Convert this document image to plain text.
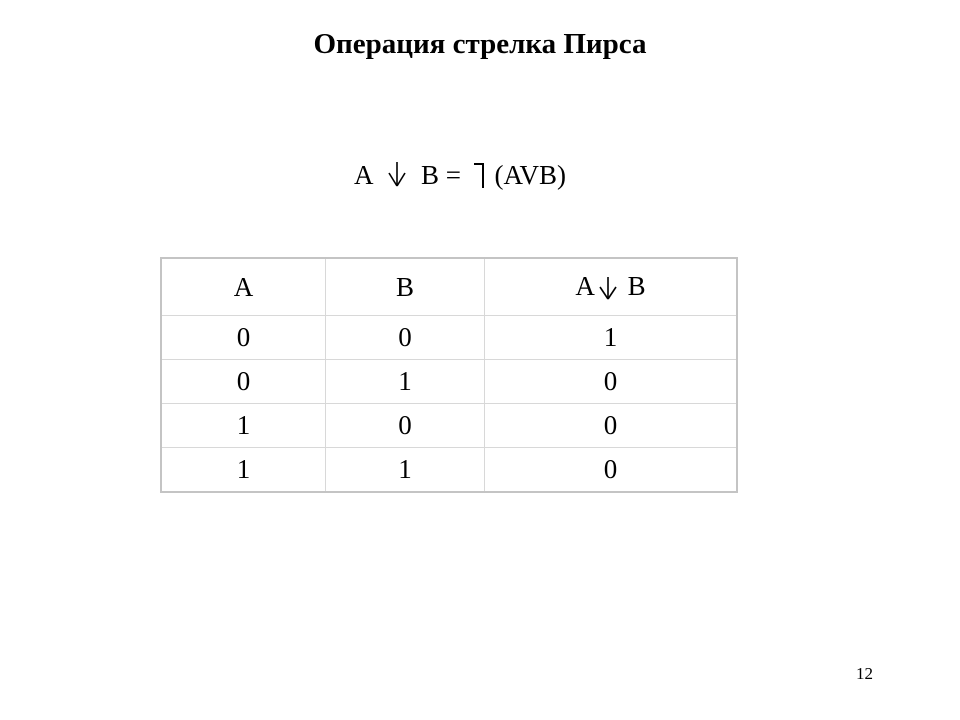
Операция стрелка Пирса
A B = (AVB)
A	B	A B
0	0	1
0	1	0
1	0	0
1	1	0
12
